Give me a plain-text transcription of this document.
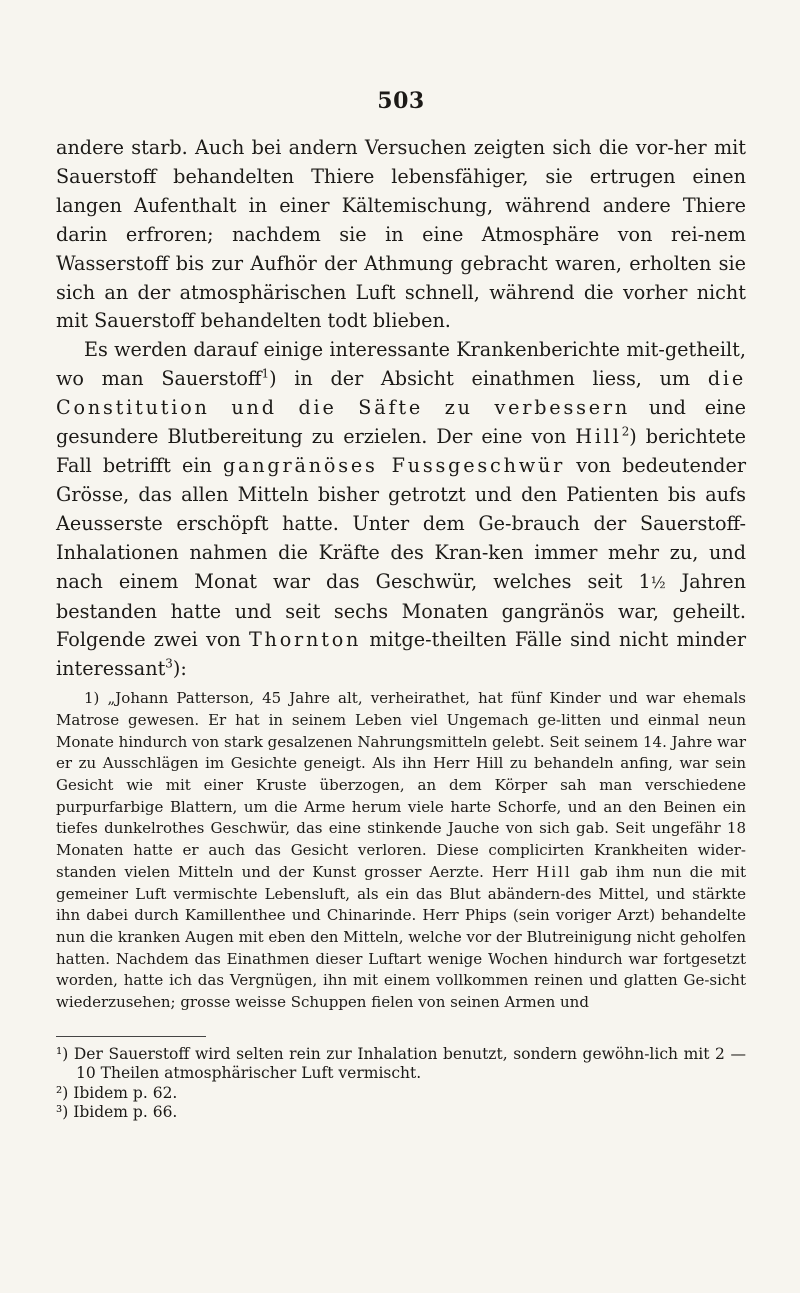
503

andere starb. Auch bei andern Versuchen zeigten sich die vor-her mit Sauerstoff behandelten Thiere lebensfähiger, sie ertrugen einen langen Aufenthalt in einer Kältemischung, während andere Thiere darin erfroren; nachdem sie in eine Atmosphäre von rei-nem Wasserstoff bis zur Aufhör der Athmung gebracht waren, erholten sie sich an der atmosphärischen Luft schnell, während die vorher nicht mit Sauerstoff behandelten todt blieben.

Es werden darauf einige interessante Krankenberichte mit-getheilt, wo man Sauerstoff$^1$) in der Absicht einathmen liess, um die Constitution und die Säfte zu verbessern und eine gesundere Blutbereitung zu erzielen. Der eine von Hill$^2$) berichtete Fall betrifft ein gangränöses Fussgeschwür von bedeutender Grösse, das allen Mitteln bisher getrotzt und den Patienten bis aufs Aeusserste erschöpft hatte. Unter dem Ge-brauch der Sauerstoff-Inhalationen nahmen die Kräfte des Kran-ken immer mehr zu, und nach einem Monat war das Geschwür, welches seit 1½ Jahren bestanden hatte und seit sechs Monaten gangränös war, geheilt. Folgende zwei von Thornton mitge-theilten Fälle sind nicht minder interessant$^3$):

1) „Johann Patterson, 45 Jahre alt, verheirathet, hat fünf Kinder und war ehemals Matrose gewesen. Er hat in seinem Leben viel Ungemach ge-litten und einmal neun Monate hindurch von stark gesalzenen Nahrungsmitteln gelebt. Seit seinem 14. Jahre war er zu Ausschlägen im Gesichte geneigt. Als ihn Herr Hill zu behandeln anfing, war sein Gesicht wie mit einer Kruste überzogen, an dem Körper sah man verschiedene purpurfarbige Blattern, um die Arme herum viele harte Schorfe, und an den Beinen ein tiefes dunkelrothes Geschwür, das eine stinkende Jauche von sich gab. Seit ungefähr 18 Monaten hatte er auch das Gesicht verloren. Diese complicirten Krankheiten wider-standen vielen Mitteln und der Kunst grosser Aerzte. Herr Hill gab ihm nun die mit gemeiner Luft vermischte Lebensluft, als ein das Blut abändern-des Mittel, und stärkte ihn dabei durch Kamillenthee und Chinarinde. Herr Phips (sein voriger Arzt) behandelte nun die kranken Augen mit eben den Mitteln, welche vor der Blutreinigung nicht geholfen hatten. Nachdem das Einathmen dieser Luftart wenige Wochen hindurch war fortgesetzt worden, hatte ich das Vergnügen, ihn mit einem vollkommen reinen und glatten Ge-sicht wiederzusehen; grosse weisse Schuppen fielen von seinen Armen und
¹) Der Sauerstoff wird selten rein zur Inhalation benutzt, sondern gewöhn-lich mit 2 — 10 Theilen atmosphärischer Luft vermischt.
²) Ibidem p. 62.
³) Ibidem p. 66.
